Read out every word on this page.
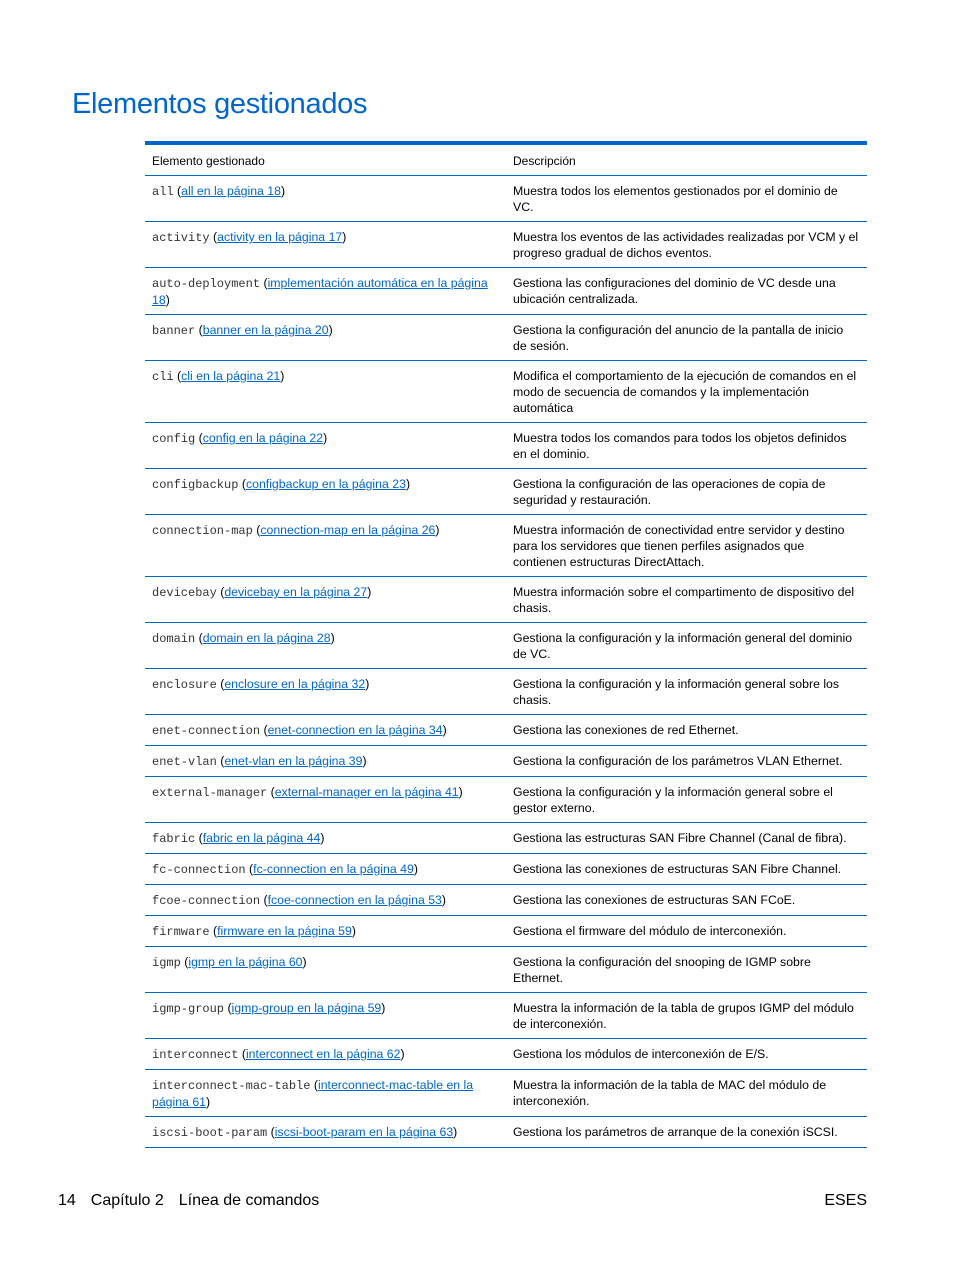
Elementos gestionados
Elemento gestionado	Descripción
all (all en la página 18)	Muestra todos los elementos gestionados por el dominio de VC.
activity (activity en la página 17)	Muestra los eventos de las actividades realizadas por VCM y el progreso gradual de dichos eventos.
auto-deployment (implementación automática en la página 18)	Gestiona las configuraciones del dominio de VC desde una ubicación centralizada.
banner (banner en la página 20)	Gestiona la configuración del anuncio de la pantalla de inicio de sesión.
cli (cli en la página 21)	Modifica el comportamiento de la ejecución de comandos en el modo de secuencia de comandos y la implementación automática
config (config en la página 22)	Muestra todos los comandos para todos los objetos definidos en el dominio.
configbackup (configbackup en la página 23)	Gestiona la configuración de las operaciones de copia de seguridad y restauración.
connection-map (connection-map en la página 26)	Muestra información de conectividad entre servidor y destino para los servidores que tienen perfiles asignados que contienen estructuras DirectAttach.
devicebay (devicebay en la página 27)	Muestra información sobre el compartimento de dispositivo del chasis.
domain (domain en la página 28)	Gestiona la configuración y la información general del dominio de VC.
enclosure (enclosure en la página 32)	Gestiona la configuración y la información general sobre los chasis.
enet-connection (enet-connection en la página 34)	Gestiona las conexiones de red Ethernet.
enet-vlan (enet-vlan en la página 39)	Gestiona la configuración de los parámetros VLAN Ethernet.
external-manager (external-manager en la página 41)	Gestiona la configuración y la información general sobre el gestor externo.
fabric (fabric en la página 44)	Gestiona las estructuras SAN Fibre Channel (Canal de fibra).
fc-connection (fc-connection en la página 49)	Gestiona las conexiones de estructuras SAN Fibre Channel.
fcoe-connection (fcoe-connection en la página 53)	Gestiona las conexiones de estructuras SAN FCoE.
firmware (firmware en la página 59)	Gestiona el firmware del módulo de interconexión.
igmp (igmp en la página 60)	Gestiona la configuración del snooping de IGMP sobre Ethernet.
igmp-group (igmp-group en la página 59)	Muestra la información de la tabla de grupos IGMP del módulo de interconexión.
interconnect (interconnect en la página 62)	Gestiona los módulos de interconexión de E/S.
interconnect-mac-table (interconnect-mac-table en la página 61)	Muestra la información de la tabla de MAC del módulo de interconexión.
iscsi-boot-param (iscsi-boot-param en la página 63)	Gestiona los parámetros de arranque de la conexión iSCSI.
14 Capítulo 2 Línea de comandos	ESES
